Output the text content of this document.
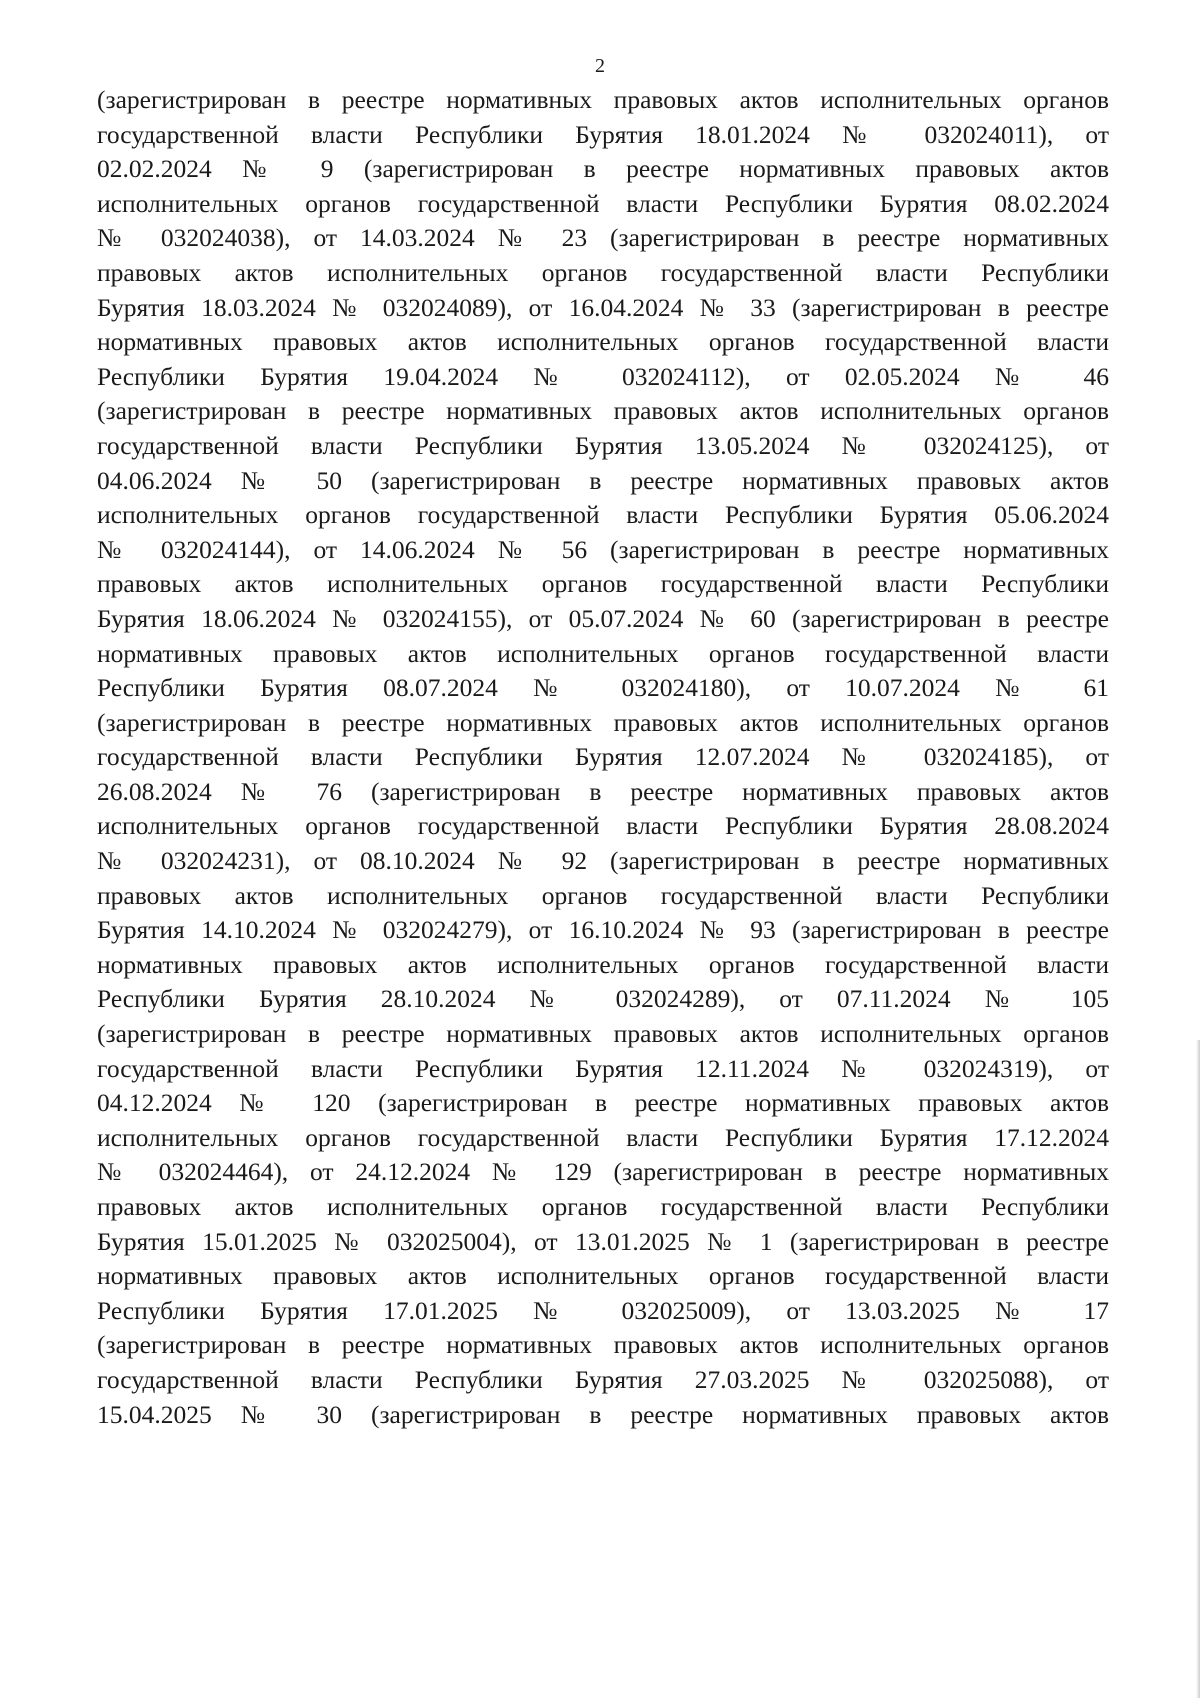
2
(зарегистрирован в реестре нормативных правовых актов исполнительных органов
государственной власти Республики Бурятия 18.01.2024 № 032024011), от
02.02.2024 № 9 (зарегистрирован в реестре нормативных правовых актов
исполнительных органов государственной власти Республики Бурятия 08.02.2024
№ 032024038), от 14.03.2024 № 23 (зарегистрирован в реестре нормативных
правовых актов исполнительных органов государственной власти Республики
Бурятия 18.03.2024 № 032024089), от 16.04.2024 № 33 (зарегистрирован в реестре
нормативных правовых актов исполнительных органов государственной власти
Республики Бурятия 19.04.2024 № 032024112), от 02.05.2024 № 46
(зарегистрирован в реестре нормативных правовых актов исполнительных органов
государственной власти Республики Бурятия 13.05.2024 № 032024125), от
04.06.2024 № 50 (зарегистрирован в реестре нормативных правовых актов
исполнительных органов государственной власти Республики Бурятия 05.06.2024
№ 032024144), от 14.06.2024 № 56 (зарегистрирован в реестре нормативных
правовых актов исполнительных органов государственной власти Республики
Бурятия 18.06.2024 № 032024155), от 05.07.2024 № 60 (зарегистрирован в реестре
нормативных правовых актов исполнительных органов государственной власти
Республики Бурятия 08.07.2024 № 032024180), от 10.07.2024 № 61
(зарегистрирован в реестре нормативных правовых актов исполнительных органов
государственной власти Республики Бурятия 12.07.2024 № 032024185), от
26.08.2024 № 76 (зарегистрирован в реестре нормативных правовых актов
исполнительных органов государственной власти Республики Бурятия 28.08.2024
№ 032024231), от 08.10.2024 № 92 (зарегистрирован в реестре нормативных
правовых актов исполнительных органов государственной власти Республики
Бурятия 14.10.2024 № 032024279), от 16.10.2024 № 93 (зарегистрирован в реестре
нормативных правовых актов исполнительных органов государственной власти
Республики Бурятия 28.10.2024 № 032024289), от 07.11.2024 № 105
(зарегистрирован в реестре нормативных правовых актов исполнительных органов
государственной власти Республики Бурятия 12.11.2024 № 032024319), от
04.12.2024 № 120 (зарегистрирован в реестре нормативных правовых актов
исполнительных органов государственной власти Республики Бурятия 17.12.2024
№ 032024464), от 24.12.2024 № 129 (зарегистрирован в реестре нормативных
правовых актов исполнительных органов государственной власти Республики
Бурятия 15.01.2025 № 032025004), от 13.01.2025 № 1 (зарегистрирован в реестре
нормативных правовых актов исполнительных органов государственной власти
Республики Бурятия 17.01.2025 № 032025009), от 13.03.2025 № 17
(зарегистрирован в реестре нормативных правовых актов исполнительных органов
государственной власти Республики Бурятия 27.03.2025 № 032025088), от
15.04.2025 № 30 (зарегистрирован в реестре нормативных правовых актов
